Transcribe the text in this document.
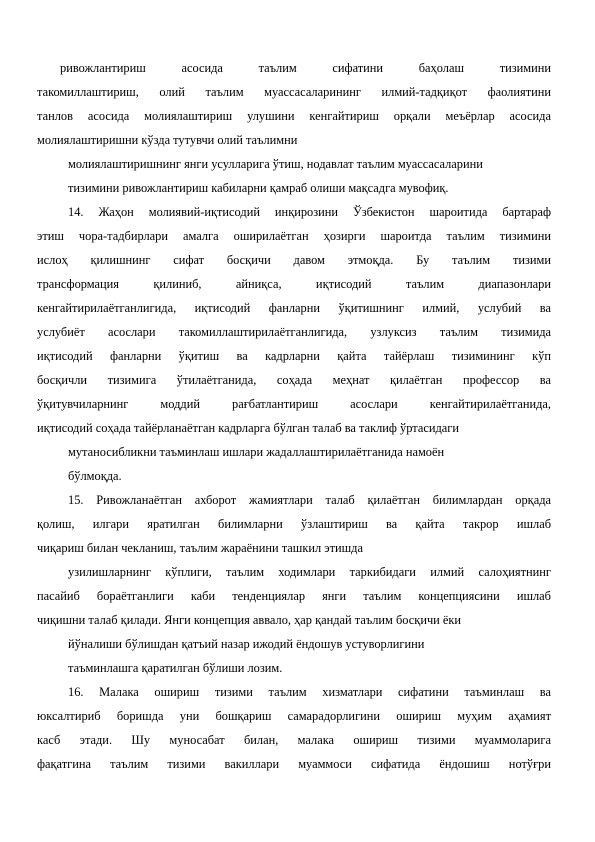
ривожлантириш асосида таълим сифатини баҳолаш тизимини
такомиллаштириш, олий таълим муассасаларининг илмий-тадқиқот фаолиятини
танлов асосида молиялаштириш улушини кенгайтириш орқали меъёрлар асосида
молиялаштиришни кўзда тутувчи олий таълимни
молиялаштиришнинг янги усулларига ўтиш, нодавлат таълим муассасаларини
тизимини ривожлантириш кабиларни қамраб олиши мақсадга мувофиқ.
14. Жаҳон молиявий-иқтисодий инқирозини Ўзбекистон шароитида бартараф
этиш чора-тадбирлари амалга оширилаётган ҳозирги шароитда таълим тизимини
ислоҳ қилишнинг сифат босқичи давом этмоқда. Бу таълим тизими
трансформация қилиниб, айниқса, иқтисодий таълим диапазонлари
кенгайтирилаётганлигида, иқтисодий фанларни ўқитишнинг илмий, услубий ва
услубиёт асослари такомиллаштирилаётганлигида, узлуксиз таълим тизимида
иқтисодий фанларни ўқитиш ва кадрларни қайта тайёрлаш тизимининг кўп
босқичли тизимига ўтилаётганида, соҳада меҳнат қилаётган профессор ва
ўқитувчиларнинг моддий рағбатлантириш асослари кенгайтирилаётганида,
иқтисодий соҳада тайёрланаётган кадрларга бўлган талаб ва таклиф ўртасидаги
мутаносибликни таъминлаш ишлари жадаллаштирилаётганида намоён
бўлмоқда.
15. Ривожланаётган ахборот жамиятлари талаб қилаётган билимлардан орқада
қолиш, илгари яратилган билимларни ўзлаштириш ва қайта такрор ишлаб
чиқариш билан чекланиш, таълим жараёнини ташкил этишда
узилишларнинг кўплиги, таълим ходимлари таркибидаги илмий салоҳиятнинг
пасайиб бораётганлиги каби тенденциялар янги таълим концепциясини ишлаб
чиқишни талаб қилади. Янги концепция аввало, ҳар қандай таълим босқичи ёки
йўналиши бўлишдан қатъий назар ижодий ёндошув устуворлигини
таъминлашга қаратилган бўлиши лозим.
16. Малака ошириш тизими таълим хизматлари сифатини таъминлаш ва
юксалтириб боришда уни бошқариш самарадорлигини ошириш муҳим аҳамият
касб этади. Шу муносабат билан, малака ошириш тизими муаммоларига
фақатгина таълим тизими вакиллари муаммоси сифатида ёндошиш нотўғри
